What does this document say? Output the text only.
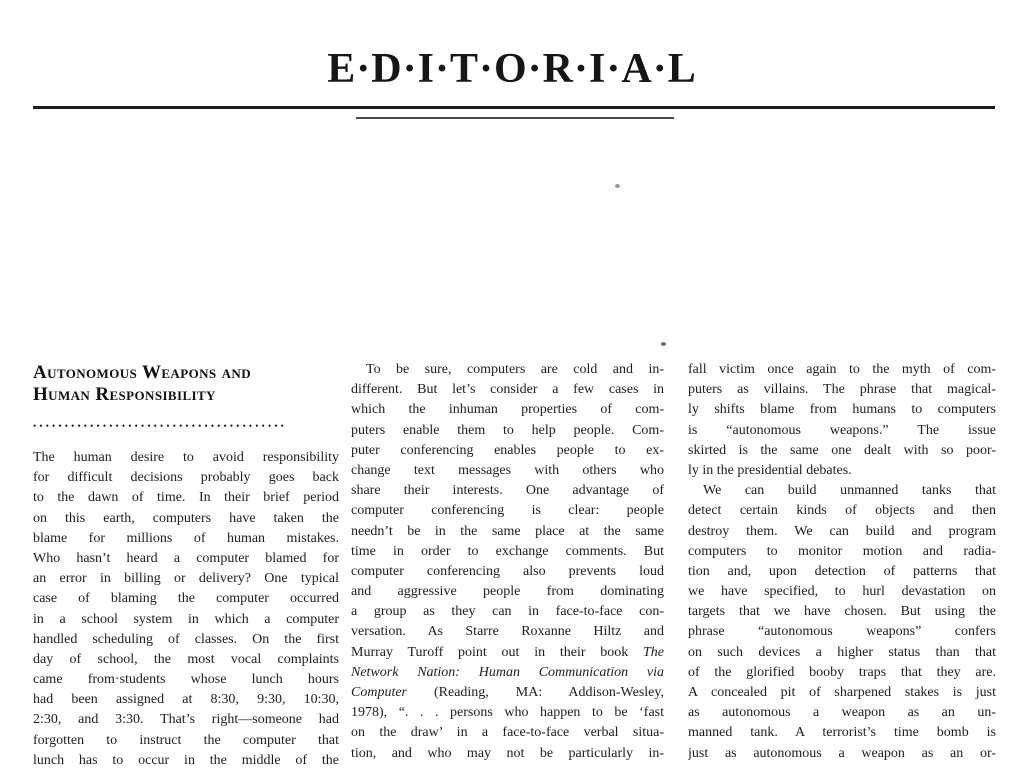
E·D·I·T·O·R·I·A·L
Autonomous Weapons and
Human Responsibility
••••••••••••••••••••••••••••••••••••••••
The human desire to avoid responsibility
for difficult decisions probably goes back
to the dawn of time. In their brief period
on this earth, computers have taken the
blame for millions of human mistakes.
Who hasn’t heard a computer blamed for
an error in billing or delivery? One typical
case of blaming the computer occurred
in a school system in which a computer
handled scheduling of classes. On the first
day of school, the most vocal complaints
came from·students whose lunch hours
had been assigned at 8:30, 9:30, 10:30,
2:30, and 3:30. That’s right—someone had
forgotten to instruct the computer that
lunch has to occur in the middle of the
To be sure, computers are cold and in-
different. But let’s consider a few cases in
which the inhuman properties of com-
puters enable them to help people. Com-
puter conferencing enables people to ex-
change text messages with others who
share their interests. One advantage of
computer conferencing is clear: people
needn’t be in the same place at the same
time in order to exchange comments. But
computer conferencing also prevents loud
and aggressive people from dominating
a group as they can in face-to-face con-
versation. As Starre Roxanne Hiltz and
Murray Turoff point out in their book The
Network Nation: Human Communication via
Computer (Reading, MA: Addison-Wesley,
1978), “. . . persons who happen to be ‘fast
on the draw’ in a face-to-face verbal situa-
tion, and who may not be particularly in-
fall victim once again to the myth of com-
puters as villains. The phrase that magical-
ly shifts blame from humans to computers
is “autonomous weapons.” The issue
skirted is the same one dealt with so poor-
ly in the presidential debates.
We can build unmanned tanks that
detect certain kinds of objects and then
destroy them. We can build and program
computers to monitor motion and radia-
tion and, upon detection of patterns that
we have specified, to hurl devastation on
targets that we have chosen. But using the
phrase “autonomous weapons” confers
on such devices a higher status than that
of the glorified booby traps that they are.
A concealed pit of sharpened stakes is just
as autonomous a weapon as an un-
manned tank. A terrorist’s time bomb is
just as autonomous a weapon as an or-
